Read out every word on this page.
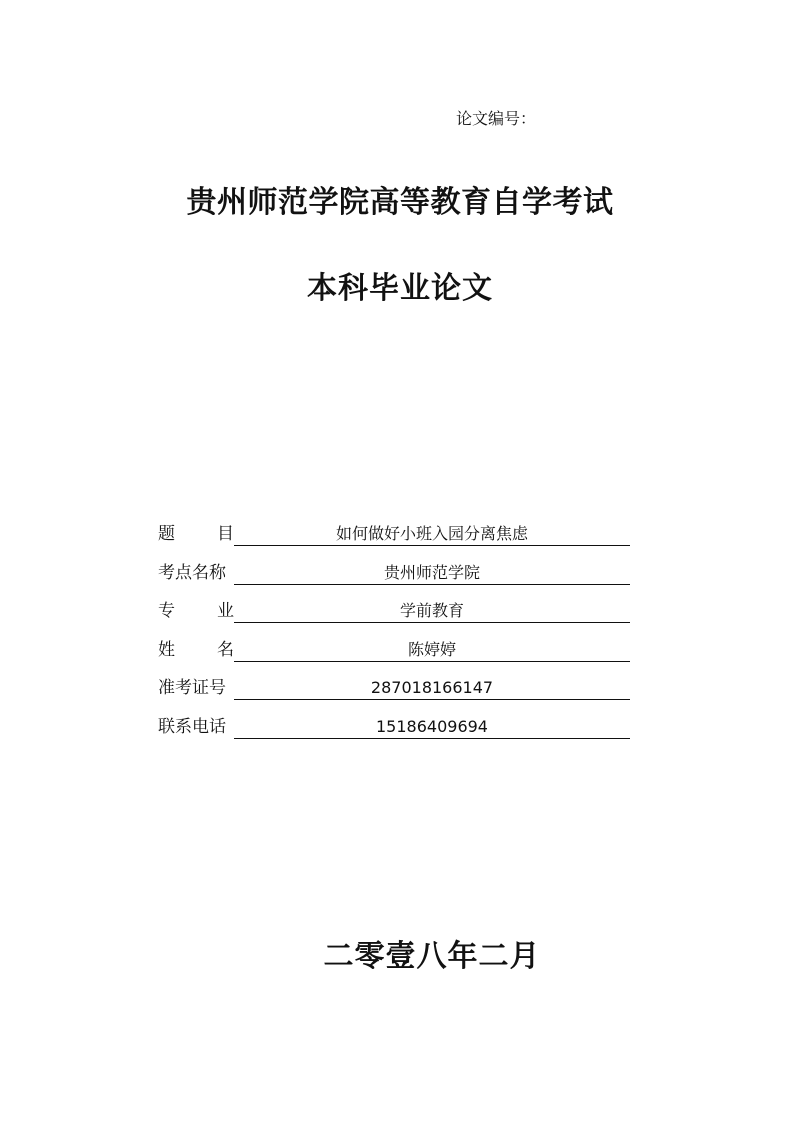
论文编号：
贵州师范学院高等教育自学考试
本科毕业论文
题 目	如何做好小班入园分离焦虑
考点名称	贵州师范学院
专 业	学前教育
姓 名	陈婷婷
准考证号	287018166147
联系电话	15186409694
二零壹八年二月
